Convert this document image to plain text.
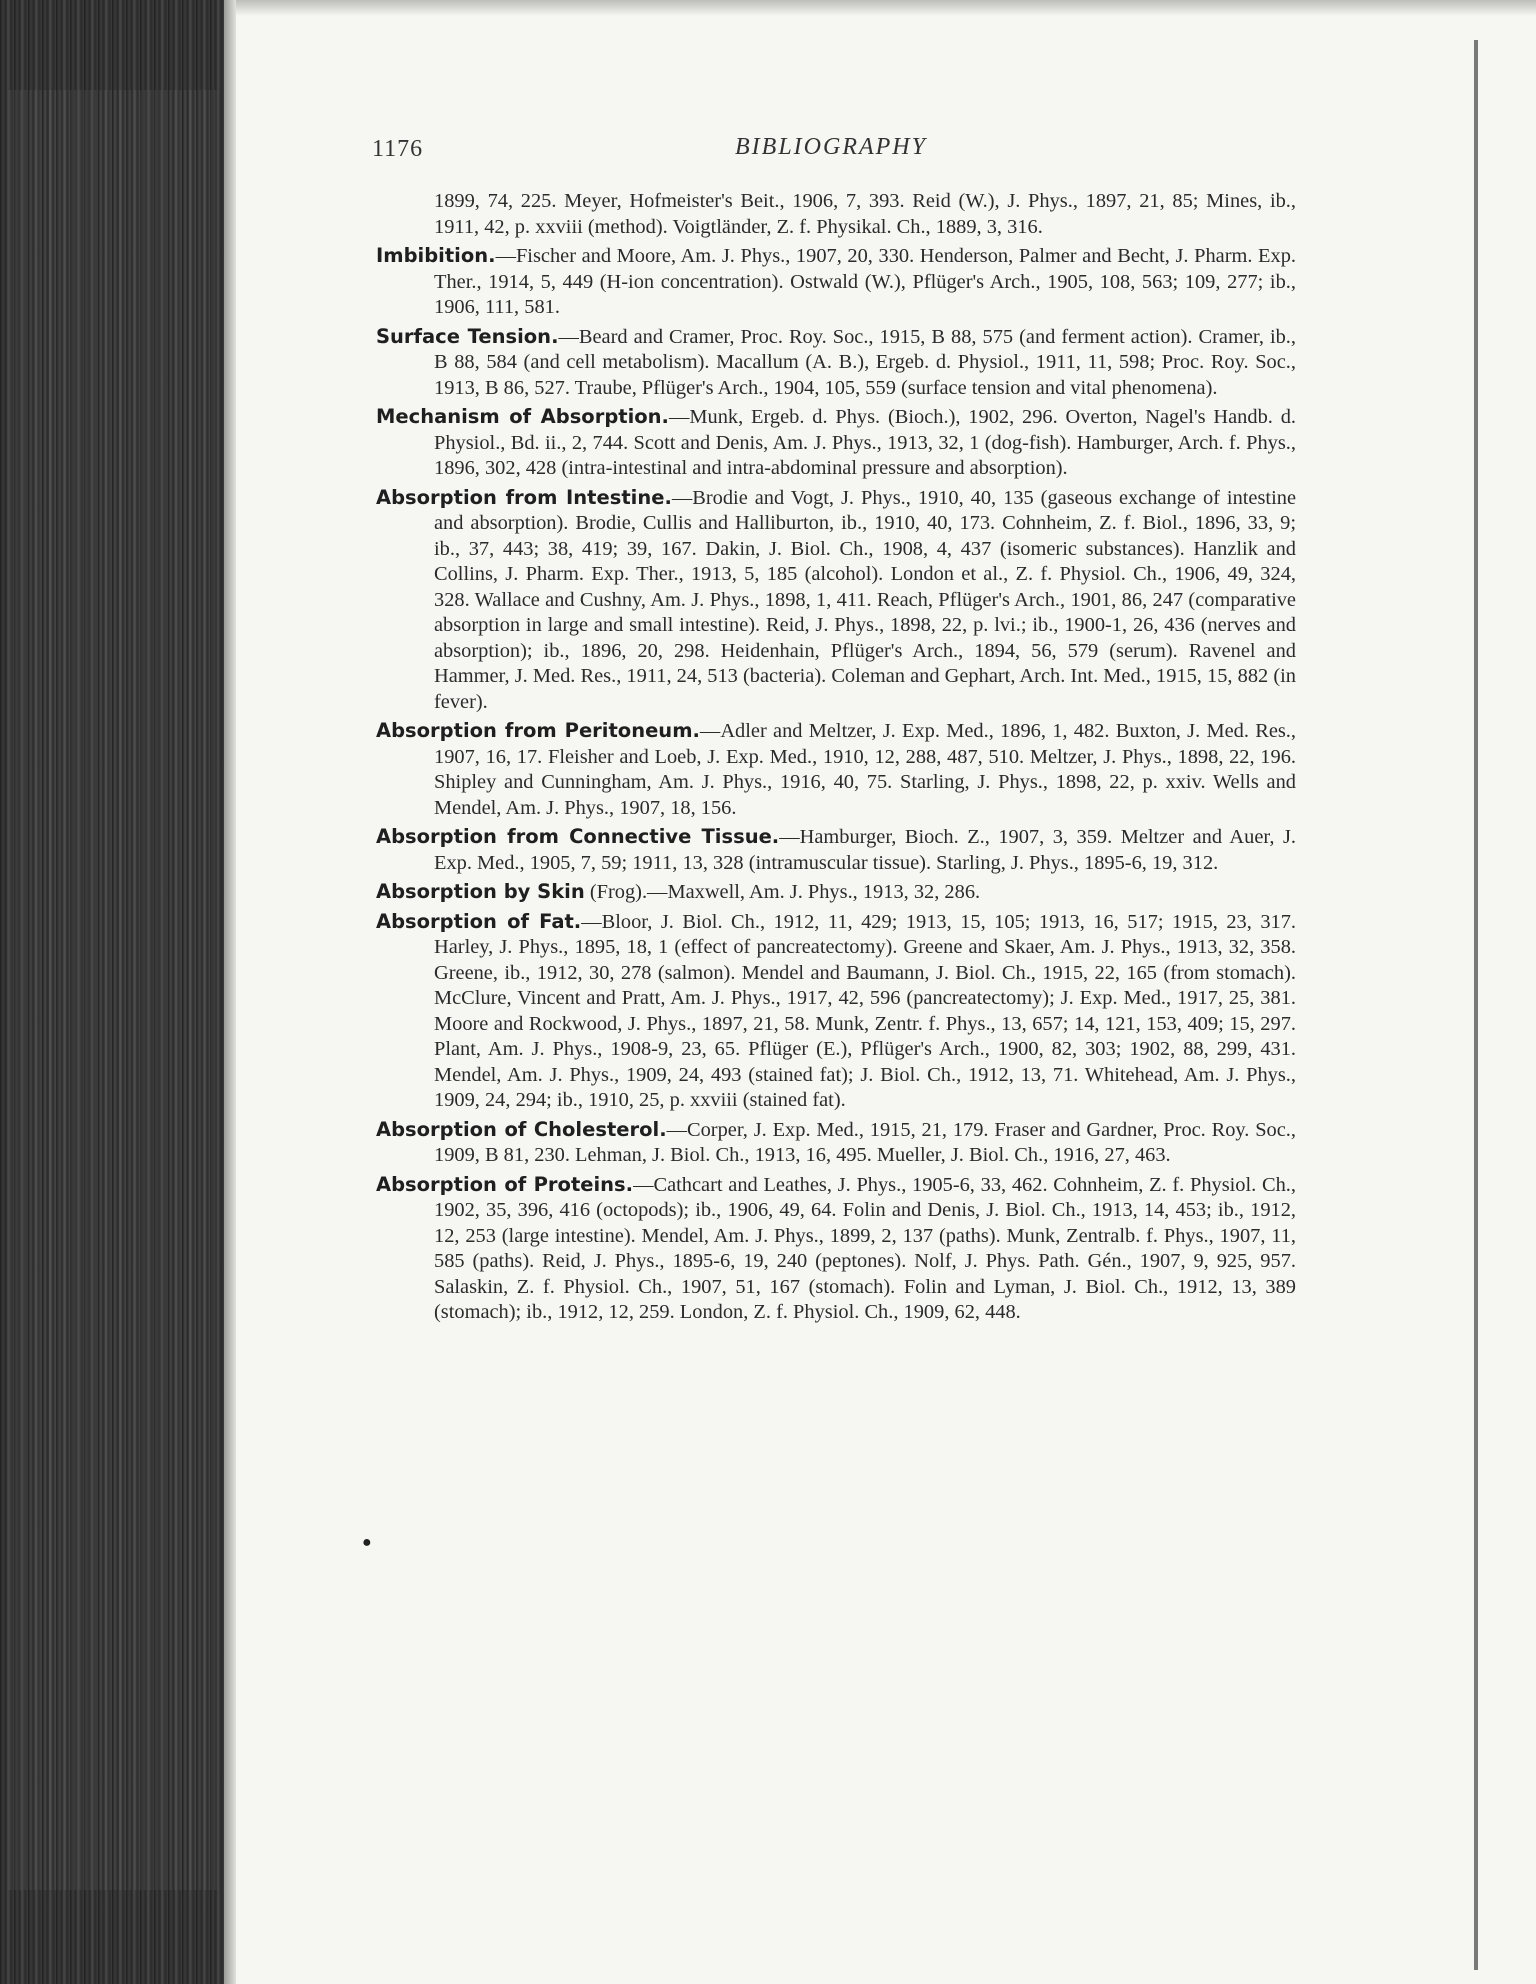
1176	BIBLIOGRAPHY

1899, 74, 225. Meyer, Hofmeister's Beit., 1906, 7, 393. Reid (W.), J. Phys., 1897, 21, 85; Mines, ib., 1911, 42, p. xxviii (method). Voigtländer, Z. f. Physikal. Ch., 1889, 3, 316.

Imbibition.—Fischer and Moore, Am. J. Phys., 1907, 20, 330. Henderson, Palmer and Becht, J. Pharm. Exp. Ther., 1914, 5, 449 (H-ion concentration). Ostwald (W.), Pflüger's Arch., 1905, 108, 563; 109, 277; ib., 1906, 111, 581.

Surface Tension.—Beard and Cramer, Proc. Roy. Soc., 1915, B 88, 575 (and ferment action). Cramer, ib., B 88, 584 (and cell metabolism). Macallum (A. B.), Ergeb. d. Physiol., 1911, 11, 598; Proc. Roy. Soc., 1913, B 86, 527. Traube, Pflüger's Arch., 1904, 105, 559 (surface tension and vital phenomena).

Mechanism of Absorption.—Munk, Ergeb. d. Phys. (Bioch.), 1902, 296. Overton, Nagel's Handb. d. Physiol., Bd. ii., 2, 744. Scott and Denis, Am. J. Phys., 1913, 32, 1 (dog-fish). Hamburger, Arch. f. Phys., 1896, 302, 428 (intra-intestinal and intra-abdominal pressure and absorption).

Absorption from Intestine.—Brodie and Vogt, J. Phys., 1910, 40, 135 (gaseous exchange of intestine and absorption). Brodie, Cullis and Halliburton, ib., 1910, 40, 173. Cohnheim, Z. f. Biol., 1896, 33, 9; ib., 37, 443; 38, 419; 39, 167. Dakin, J. Biol. Ch., 1908, 4, 437 (isomeric substances). Hanzlik and Collins, J. Pharm. Exp. Ther., 1913, 5, 185 (alcohol). London et al., Z. f. Physiol. Ch., 1906, 49, 324, 328. Wallace and Cushny, Am. J. Phys., 1898, 1, 411. Reach, Pflüger's Arch., 1901, 86, 247 (comparative absorption in large and small intestine). Reid, J. Phys., 1898, 22, p. lvi.; ib., 1900-1, 26, 436 (nerves and absorption); ib., 1896, 20, 298. Heidenhain, Pflüger's Arch., 1894, 56, 579 (serum). Ravenel and Hammer, J. Med. Res., 1911, 24, 513 (bacteria). Coleman and Gephart, Arch. Int. Med., 1915, 15, 882 (in fever).

Absorption from Peritoneum.—Adler and Meltzer, J. Exp. Med., 1896, 1, 482. Buxton, J. Med. Res., 1907, 16, 17. Fleisher and Loeb, J. Exp. Med., 1910, 12, 288, 487, 510. Meltzer, J. Phys., 1898, 22, 196. Shipley and Cunningham, Am. J. Phys., 1916, 40, 75. Starling, J. Phys., 1898, 22, p. xxiv. Wells and Mendel, Am. J. Phys., 1907, 18, 156.

Absorption from Connective Tissue.—Hamburger, Bioch. Z., 1907, 3, 359. Meltzer and Auer, J. Exp. Med., 1905, 7, 59; 1911, 13, 328 (intramuscular tissue). Starling, J. Phys., 1895-6, 19, 312.

Absorption by Skin (Frog).—Maxwell, Am. J. Phys., 1913, 32, 286.

Absorption of Fat.—Bloor, J. Biol. Ch., 1912, 11, 429; 1913, 15, 105; 1913, 16, 517; 1915, 23, 317. Harley, J. Phys., 1895, 18, 1 (effect of pancreatectomy). Greene and Skaer, Am. J. Phys., 1913, 32, 358. Greene, ib., 1912, 30, 278 (salmon). Mendel and Baumann, J. Biol. Ch., 1915, 22, 165 (from stomach). McClure, Vincent and Pratt, Am. J. Phys., 1917, 42, 596 (pancreatectomy); J. Exp. Med., 1917, 25, 381. Moore and Rockwood, J. Phys., 1897, 21, 58. Munk, Zentr. f. Phys., 13, 657; 14, 121, 153, 409; 15, 297. Plant, Am. J. Phys., 1908-9, 23, 65. Pflüger (E.), Pflüger's Arch., 1900, 82, 303; 1902, 88, 299, 431. Mendel, Am. J. Phys., 1909, 24, 493 (stained fat); J. Biol. Ch., 1912, 13, 71. Whitehead, Am. J. Phys., 1909, 24, 294; ib., 1910, 25, p. xxviii (stained fat).

Absorption of Cholesterol.—Corper, J. Exp. Med., 1915, 21, 179. Fraser and Gardner, Proc. Roy. Soc., 1909, B 81, 230. Lehman, J. Biol. Ch., 1913, 16, 495. Mueller, J. Biol. Ch., 1916, 27, 463.

Absorption of Proteins.—Cathcart and Leathes, J. Phys., 1905-6, 33, 462. Cohnheim, Z. f. Physiol. Ch., 1902, 35, 396, 416 (octopods); ib., 1906, 49, 64. Folin and Denis, J. Biol. Ch., 1913, 14, 453; ib., 1912, 12, 253 (large intestine). Mendel, Am. J. Phys., 1899, 2, 137 (paths). Munk, Zentralb. f. Phys., 1907, 11, 585 (paths). Reid, J. Phys., 1895-6, 19, 240 (peptones). Nolf, J. Phys. Path. Gén., 1907, 9, 925, 957. Salaskin, Z. f. Physiol. Ch., 1907, 51, 167 (stomach). Folin and Lyman, J. Biol. Ch., 1912, 13, 389 (stomach); ib., 1912, 12, 259. London, Z. f. Physiol. Ch., 1909, 62, 448.

●
